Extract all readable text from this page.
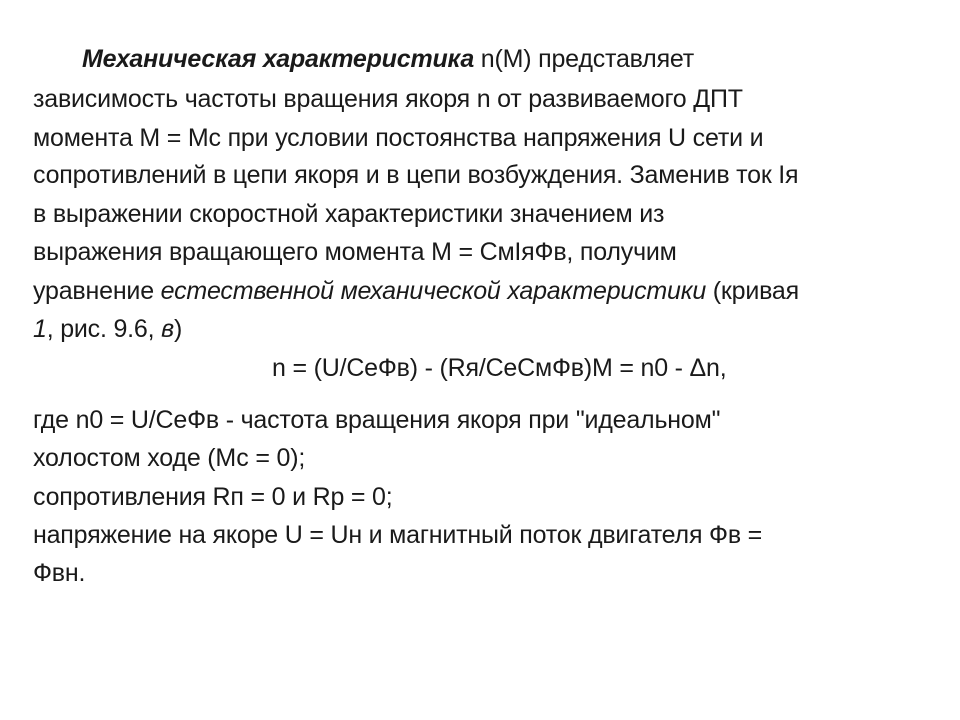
Механическая характеристика n(M) представляет
зависимость частоты вращения якоря n от развиваемого ДПТ
момента М = Mc при условии постоянства напряжения U сети и
сопротивлений в цепи якоря и в цепи возбуждения. Заменив ток Iя
в выражении скоростной характеристики значением из
выражения вращающего момента М = СмIяФв, получим
уравнение естественной механической характеристики (кривая
1, рис. 9.6, в)
n = (U/СеФв) - (Rя/СеСмФв)M = n0 - Δn,
где n0 = U/СеФв - частота вращения якоря при "идеальном"
холостом ходе (Мс = 0);
сопротивления Rп = 0 и Rр = 0;
напряжение на якоре U = Uн и магнитный поток двигателя Фв =
Фвн.
